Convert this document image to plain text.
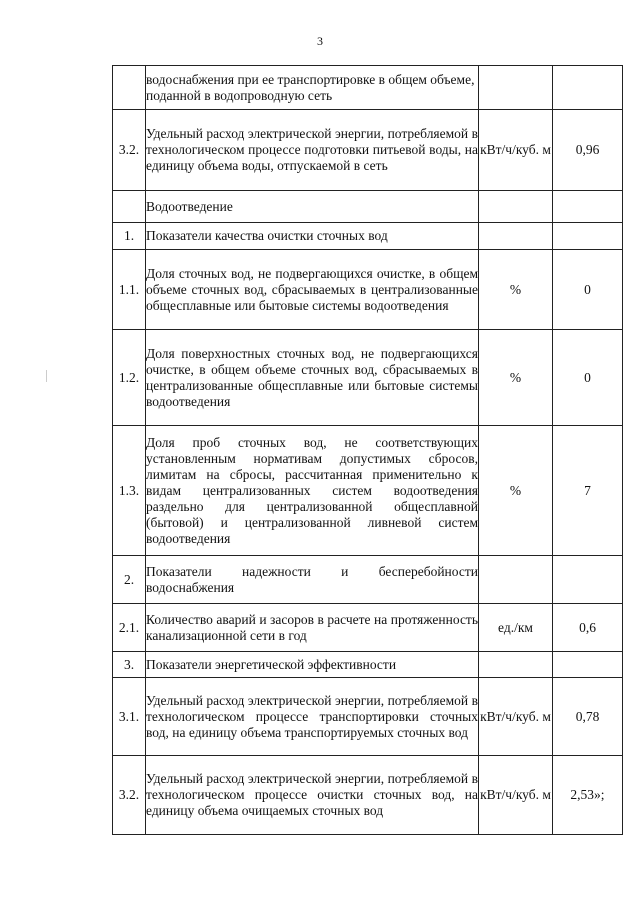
3
	водоснабжения при ее транспортировке в общем объеме, поданной в водопроводную сеть		
3.2.	Удельный расход электрической энергии, потребляемой в технологическом процессе подготовки питьевой воды, на единицу объема воды, отпускаемой в сеть	кВт/ч/куб. м	0,96
	Водоотведение		
1.	Показатели качества очистки сточных вод		
1.1.	Доля сточных вод, не подвергающихся очистке, в общем объеме сточных вод, сбрасываемых в централизованные общесплавные или бытовые системы водоотведения	%	0
1.2.	Доля поверхностных сточных вод, не подвергающихся очистке, в общем объеме сточных вод, сбрасываемых в централизованные общесплавные или бытовые системы водоотведения	%	0
1.3.	Доля проб сточных вод, не соответствующих установленным нормативам допустимых сбросов, лимитам на сбросы, рассчитанная применительно к видам централизованных систем водоотведения раздельно для централизованной общесплавной (бытовой) и централизованной ливневой систем водоотведения	%	7
2.	Показатели надежности и бесперебойности водоснабжения		
2.1.	Количество аварий и засоров в расчете на протяженность канализационной сети в год	ед./км	0,6
3.	Показатели энергетической эффективности		
3.1.	Удельный расход электрической энергии, потребляемой в технологическом процессе транспортировки сточных вод, на единицу объема транспортируемых сточных вод	кВт/ч/куб. м	0,78
3.2.	Удельный расход электрической энергии, потребляемой в технологическом процессе очистки сточных вод, на единицу объема очищаемых сточных вод	кВт/ч/куб. м	2,53»;
